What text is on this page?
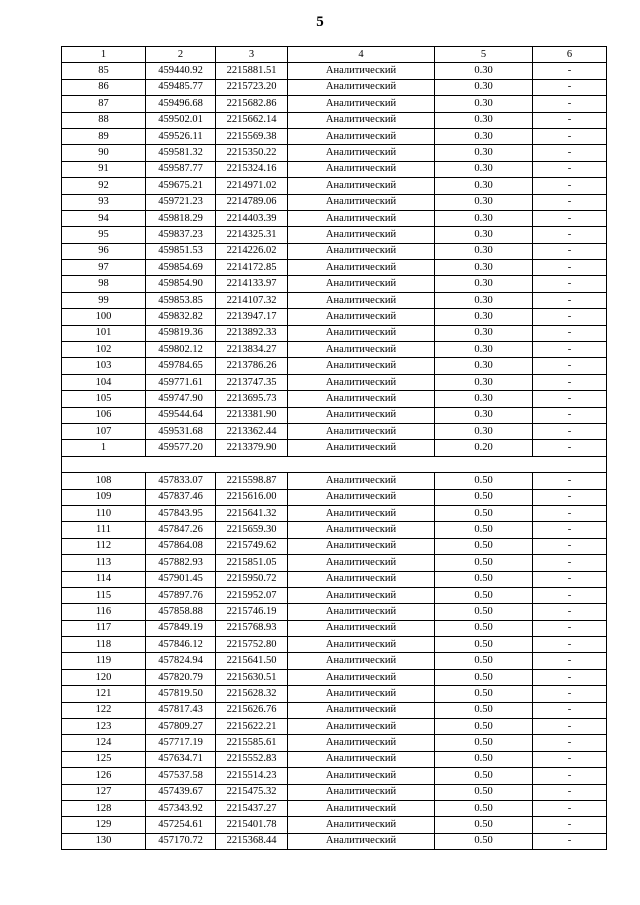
5
1	2	3	4	5	6
85	459440.92	2215881.51	Аналитический	0.30	-
86	459485.77	2215723.20	Аналитический	0.30	-
87	459496.68	2215682.86	Аналитический	0.30	-
88	459502.01	2215662.14	Аналитический	0.30	-
89	459526.11	2215569.38	Аналитический	0.30	-
90	459581.32	2215350.22	Аналитический	0.30	-
91	459587.77	2215324.16	Аналитический	0.30	-
92	459675.21	2214971.02	Аналитический	0.30	-
93	459721.23	2214789.06	Аналитический	0.30	-
94	459818.29	2214403.39	Аналитический	0.30	-
95	459837.23	2214325.31	Аналитический	0.30	-
96	459851.53	2214226.02	Аналитический	0.30	-
97	459854.69	2214172.85	Аналитический	0.30	-
98	459854.90	2214133.97	Аналитический	0.30	-
99	459853.85	2214107.32	Аналитический	0.30	-
100	459832.82	2213947.17	Аналитический	0.30	-
101	459819.36	2213892.33	Аналитический	0.30	-
102	459802.12	2213834.27	Аналитический	0.30	-
103	459784.65	2213786.26	Аналитический	0.30	-
104	459771.61	2213747.35	Аналитический	0.30	-
105	459747.90	2213695.73	Аналитический	0.30	-
106	459544.64	2213381.90	Аналитический	0.30	-
107	459531.68	2213362.44	Аналитический	0.30	-
1	459577.20	2213379.90	Аналитический	0.20	-

108	457833.07	2215598.87	Аналитический	0.50	-
109	457837.46	2215616.00	Аналитический	0.50	-
110	457843.95	2215641.32	Аналитический	0.50	-
111	457847.26	2215659.30	Аналитический	0.50	-
112	457864.08	2215749.62	Аналитический	0.50	-
113	457882.93	2215851.05	Аналитический	0.50	-
114	457901.45	2215950.72	Аналитический	0.50	-
115	457897.76	2215952.07	Аналитический	0.50	-
116	457858.88	2215746.19	Аналитический	0.50	-
117	457849.19	2215768.93	Аналитический	0.50	-
118	457846.12	2215752.80	Аналитический	0.50	-
119	457824.94	2215641.50	Аналитический	0.50	-
120	457820.79	2215630.51	Аналитический	0.50	-
121	457819.50	2215628.32	Аналитический	0.50	-
122	457817.43	2215626.76	Аналитический	0.50	-
123	457809.27	2215622.21	Аналитический	0.50	-
124	457717.19	2215585.61	Аналитический	0.50	-
125	457634.71	2215552.83	Аналитический	0.50	-
126	457537.58	2215514.23	Аналитический	0.50	-
127	457439.67	2215475.32	Аналитический	0.50	-
128	457343.92	2215437.27	Аналитический	0.50	-
129	457254.61	2215401.78	Аналитический	0.50	-
130	457170.72	2215368.44	Аналитический	0.50	-
